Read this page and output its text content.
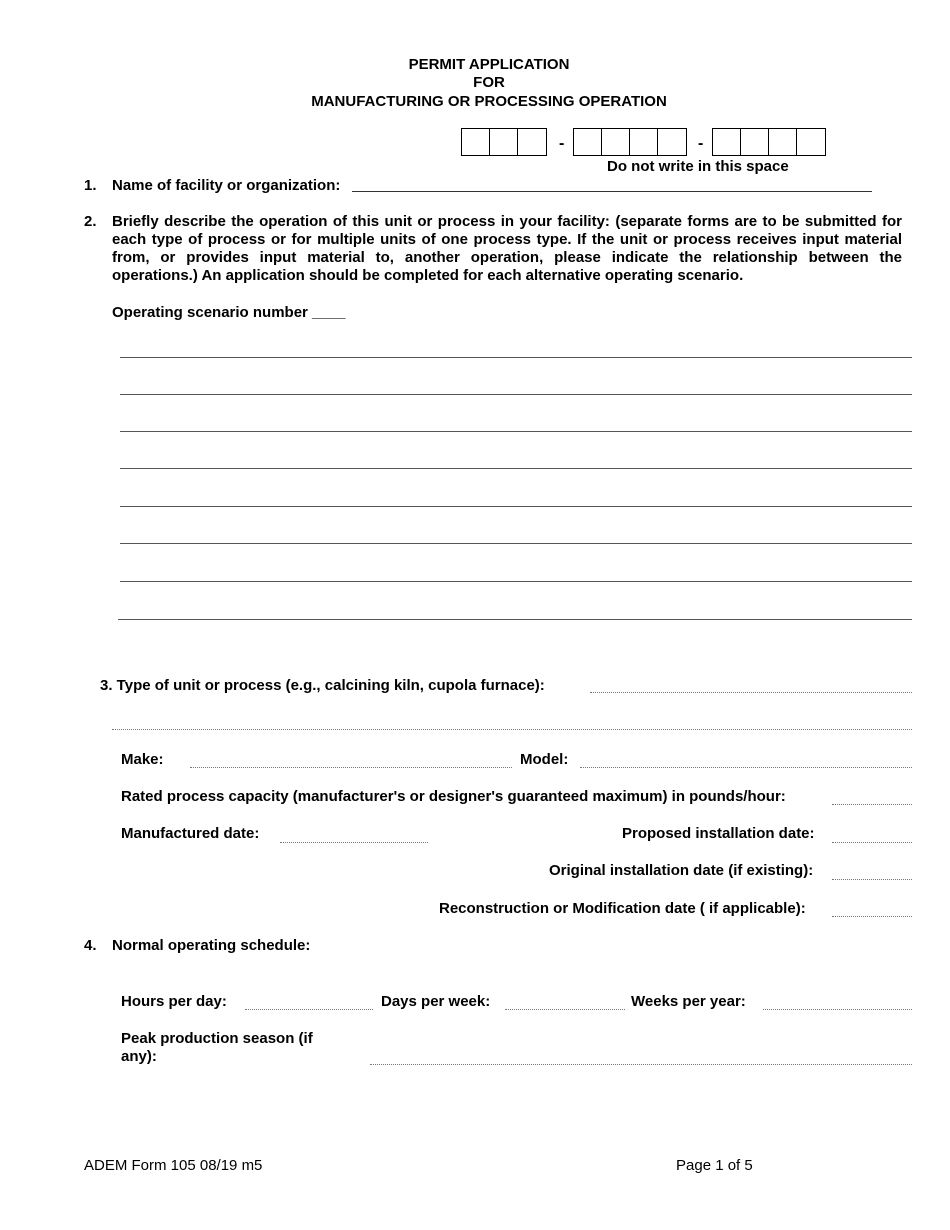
PERMIT APPLICATION
FOR
MANUFACTURING OR PROCESSING OPERATION
-	-
Do not write in this space
1. Name of facility or organization:
2. Briefly describe the operation of this unit or process in your facility: (separate forms are to be submitted for each type of process or for multiple units of one process type. If the unit or process receives input material from, or provides input material to, another operation, please indicate the relationship between the operations.) An application should be completed for each alternative operating scenario.
Operating scenario number ____
3. Type of unit or process (e.g., calcining kiln, cupola furnace):
Make:	Model:
Rated process capacity (manufacturer's or designer's guaranteed maximum) in pounds/hour:
Manufactured date:	Proposed installation date:
Original installation date (if existing):
Reconstruction or Modification date ( if applicable):
4. Normal operating schedule:
Hours per day:	Days per week:	Weeks per year:
Peak production season (if any):
ADEM Form 105 08/19 m5	Page 1 of 5
